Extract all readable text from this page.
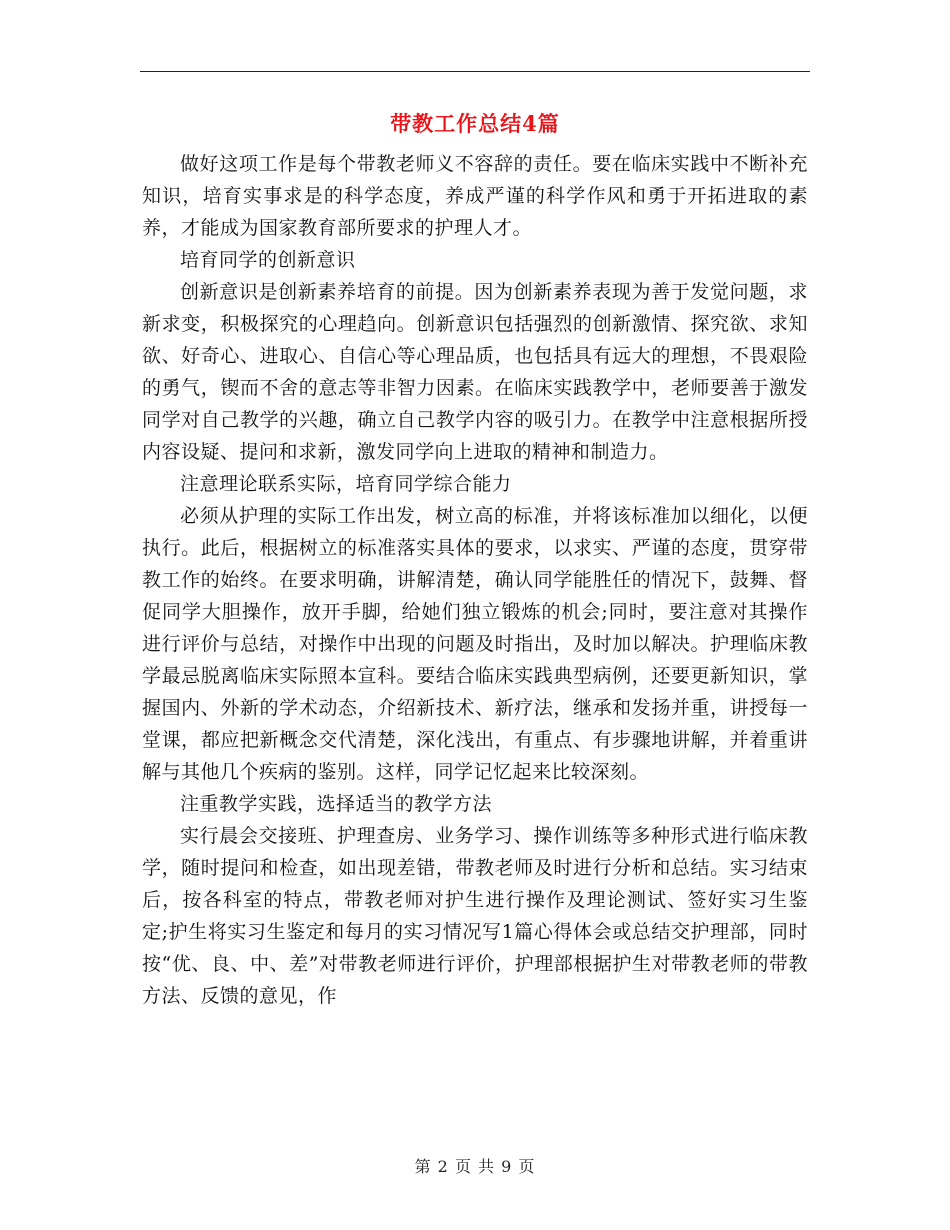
带教工作总结4篇

做好这项工作是每个带教老师义不容辞的责任。要在临床实践中不断补充知识，培育实事求是的科学态度，养成严谨的科学作风和勇于开拓进取的素养，才能成为国家教育部所要求的护理人才。

培育同学的创新意识

创新意识是创新素养培育的前提。因为创新素养表现为善于发觉问题，求新求变，积极探究的心理趋向。创新意识包括强烈的创新激情、探究欲、求知欲、好奇心、进取心、自信心等心理品质，也包括具有远大的理想，不畏艰险的勇气，锲而不舍的意志等非智力因素。在临床实践教学中，老师要善于激发同学对自己教学的兴趣，确立自己教学内容的吸引力。在教学中注意根据所授内容设疑、提问和求新，激发同学向上进取的精神和制造力。

注意理论联系实际，培育同学综合能力

必须从护理的实际工作出发，树立高的标准，并将该标准加以细化，以便执行。此后，根据树立的标准落实具体的要求，以求实、严谨的态度，贯穿带教工作的始终。在要求明确，讲解清楚，确认同学能胜任的情况下，鼓舞、督促同学大胆操作，放开手脚，给她们独立锻炼的机会;同时，要注意对其操作进行评价与总结，对操作中出现的问题及时指出，及时加以解决。护理临床教学最忌脱离临床实际照本宣科。要结合临床实践典型病例，还要更新知识，掌握国内、外新的学术动态，介绍新技术、新疗法，继承和发扬并重，讲授每一堂课，都应把新概念交代清楚，深化浅出，有重点、有步骤地讲解，并着重讲解与其他几个疾病的鉴别。这样，同学记忆起来比较深刻。

注重教学实践，选择适当的教学方法

实行晨会交接班、护理查房、业务学习、操作训练等多种形式进行临床教学，随时提问和检查，如出现差错，带教老师及时进行分析和总结。实习结束后，按各科室的特点，带教老师对护生进行操作及理论测试、签好实习生鉴定;护生将实习生鉴定和每月的实习情况写1篇心得体会或总结交护理部，同时按“优、良、中、差”对带教老师进行评价，护理部根据护生对带教老师的带教方法、反馈的意见，作

第 2 页 共 9 页
